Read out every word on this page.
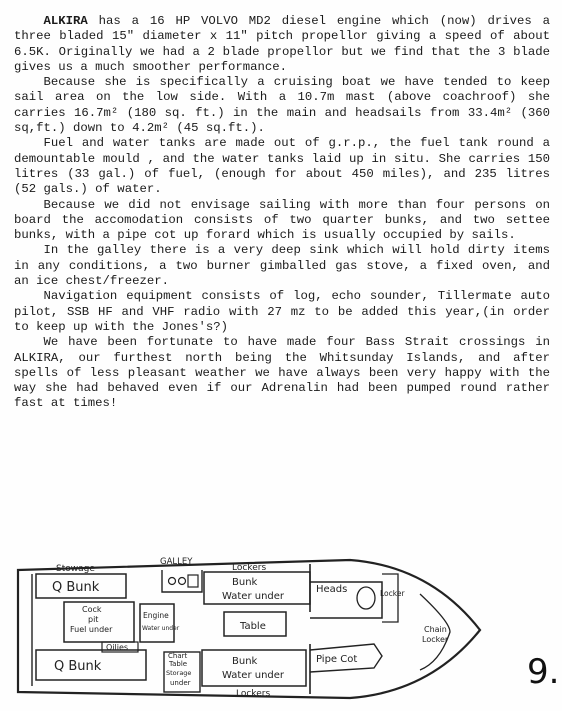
ALKIRA has a 16 HP VOLVO MD2 diesel engine which (now) drives a three bladed 15" diameter x 11" pitch propellor giving a speed of about 6.5K. Originally we had a 2 blade propellor but we find that the 3 blade gives us a much smoother performance.

Because she is specifically a cruising boat we have tended to keep sail area on the low side. With a 10.7m mast (above coachroof) she carries 16.7m² (180 sq. ft.) in the main and headsails from 33.4m² (360 sq,ft.) down to 4.2m² (45 sq.ft.).

Fuel and water tanks are made out of g.r.p., the fuel tank round a demountable mould , and the water tanks laid up in situ. She carries 150 litres (33 gal.) of fuel, (enough for about 450 miles), and 235 litres (52 gals.) of water.

Because we did not envisage sailing with more than four persons on board the accomodation consists of two quarter bunks, and two settee bunks, with a pipe cot up forard which is usually occupied by sails.

In the galley there is a very deep sink which will hold dirty items in any conditions, a two burner gimballed gas stove, a fixed oven, and an ice chest/freezer.

Navigation equipment consists of log, echo sounder, Tillermate auto pilot, SSB HF and VHF radio with 27 mz to be added this year,(in order to keep up with the Jones's?)

We have been fortunate to have made four Bass Strait crossings in ALKIRA, our furthest north being the Whitsunday Islands, and after spells of less pleasant weather we have always been very happy with the way she had behaved even if our Adrenalin had been pumped round rather fast at times!

Stowage
GALLEY
Lockers
Q Bunk	Bunk
Water under
Heads	Locker
Chain
Locker
Cock
pit
Fuel under
Oilies
Engine
Water under	Table
Q Bunk
Chart
Table
Storage
under
Bunk
Water under
Lockers
Pipe Cot	9.
